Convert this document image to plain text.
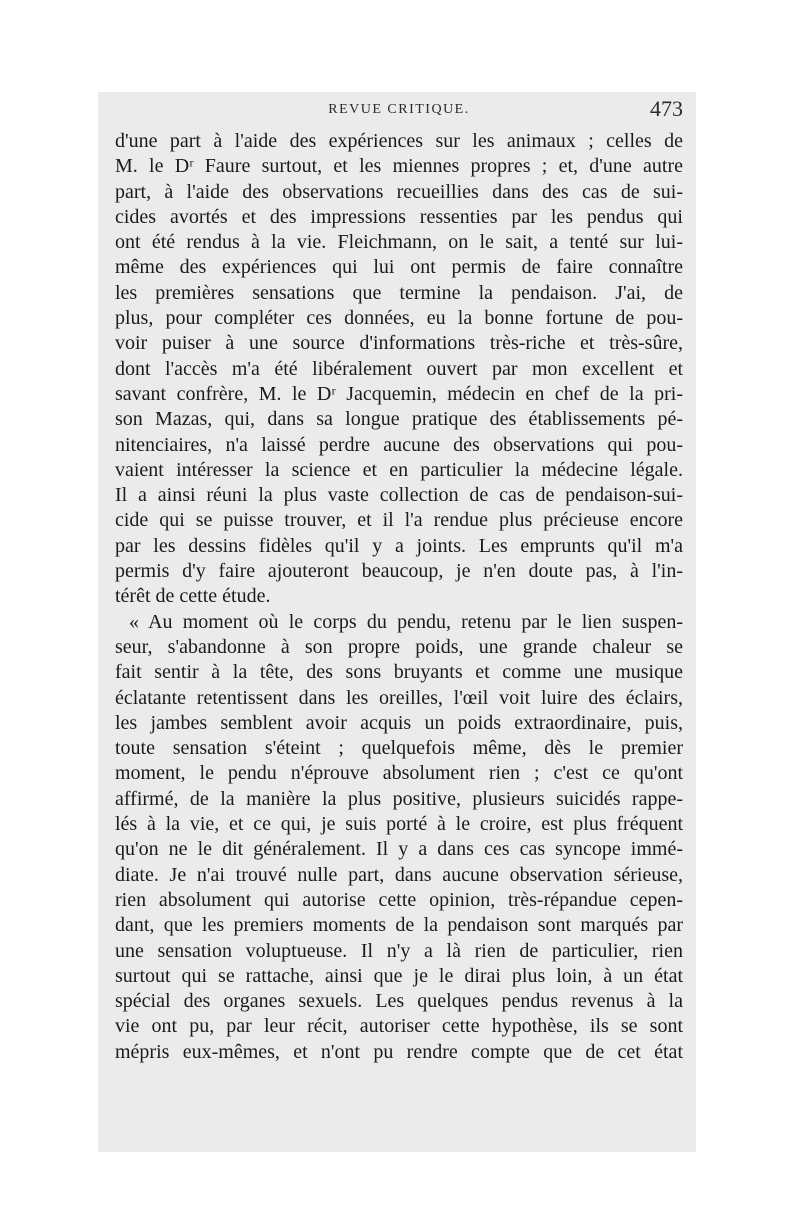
REVUE CRITIQUE.	473
d'une part à l'aide des expériences sur les animaux ; celles de
M. le Dʳ Faure surtout, et les miennes propres ; et, d'une autre
part, à l'aide des observations recueillies dans des cas de sui-
cides avortés et des impressions ressenties par les pendus qui
ont été rendus à la vie. Fleichmann, on le sait, a tenté sur lui-
même des expériences qui lui ont permis de faire connaître
les premières sensations que termine la pendaison. J'ai, de
plus, pour compléter ces données, eu la bonne fortune de pou-
voir puiser à une source d'informations très-riche et très-sûre,
dont l'accès m'a été libéralement ouvert par mon excellent et
savant confrère, M. le Dʳ Jacquemin, médecin en chef de la pri-
son Mazas, qui, dans sa longue pratique des établissements pé-
nitenciaires, n'a laissé perdre aucune des observations qui pou-
vaient intéresser la science et en particulier la médecine légale.
Il a ainsi réuni la plus vaste collection de cas de pendaison-sui-
cide qui se puisse trouver, et il l'a rendue plus précieuse encore
par les dessins fidèles qu'il y a joints. Les emprunts qu'il m'a
permis d'y faire ajouteront beaucoup, je n'en doute pas, à l'in-
térêt de cette étude.
« Au moment où le corps du pendu, retenu par le lien suspen-
seur, s'abandonne à son propre poids, une grande chaleur se
fait sentir à la tête, des sons bruyants et comme une musique
éclatante retentissent dans les oreilles, l'œil voit luire des éclairs,
les jambes semblent avoir acquis un poids extraordinaire, puis,
toute sensation s'éteint ; quelquefois même, dès le premier
moment, le pendu n'éprouve absolument rien ; c'est ce qu'ont
affirmé, de la manière la plus positive, plusieurs suicidés rappe-
lés à la vie, et ce qui, je suis porté à le croire, est plus fréquent
qu'on ne le dit généralement. Il y a dans ces cas syncope immé-
diate. Je n'ai trouvé nulle part, dans aucune observation sérieuse,
rien absolument qui autorise cette opinion, très-répandue cepen-
dant, que les premiers moments de la pendaison sont marqués par
une sensation voluptueuse. Il n'y a là rien de particulier, rien
surtout qui se rattache, ainsi que je le dirai plus loin, à un état
spécial des organes sexuels. Les quelques pendus revenus à la
vie ont pu, par leur récit, autoriser cette hypothèse, ils se sont
mépris eux-mêmes, et n'ont pu rendre compte que de cet état
